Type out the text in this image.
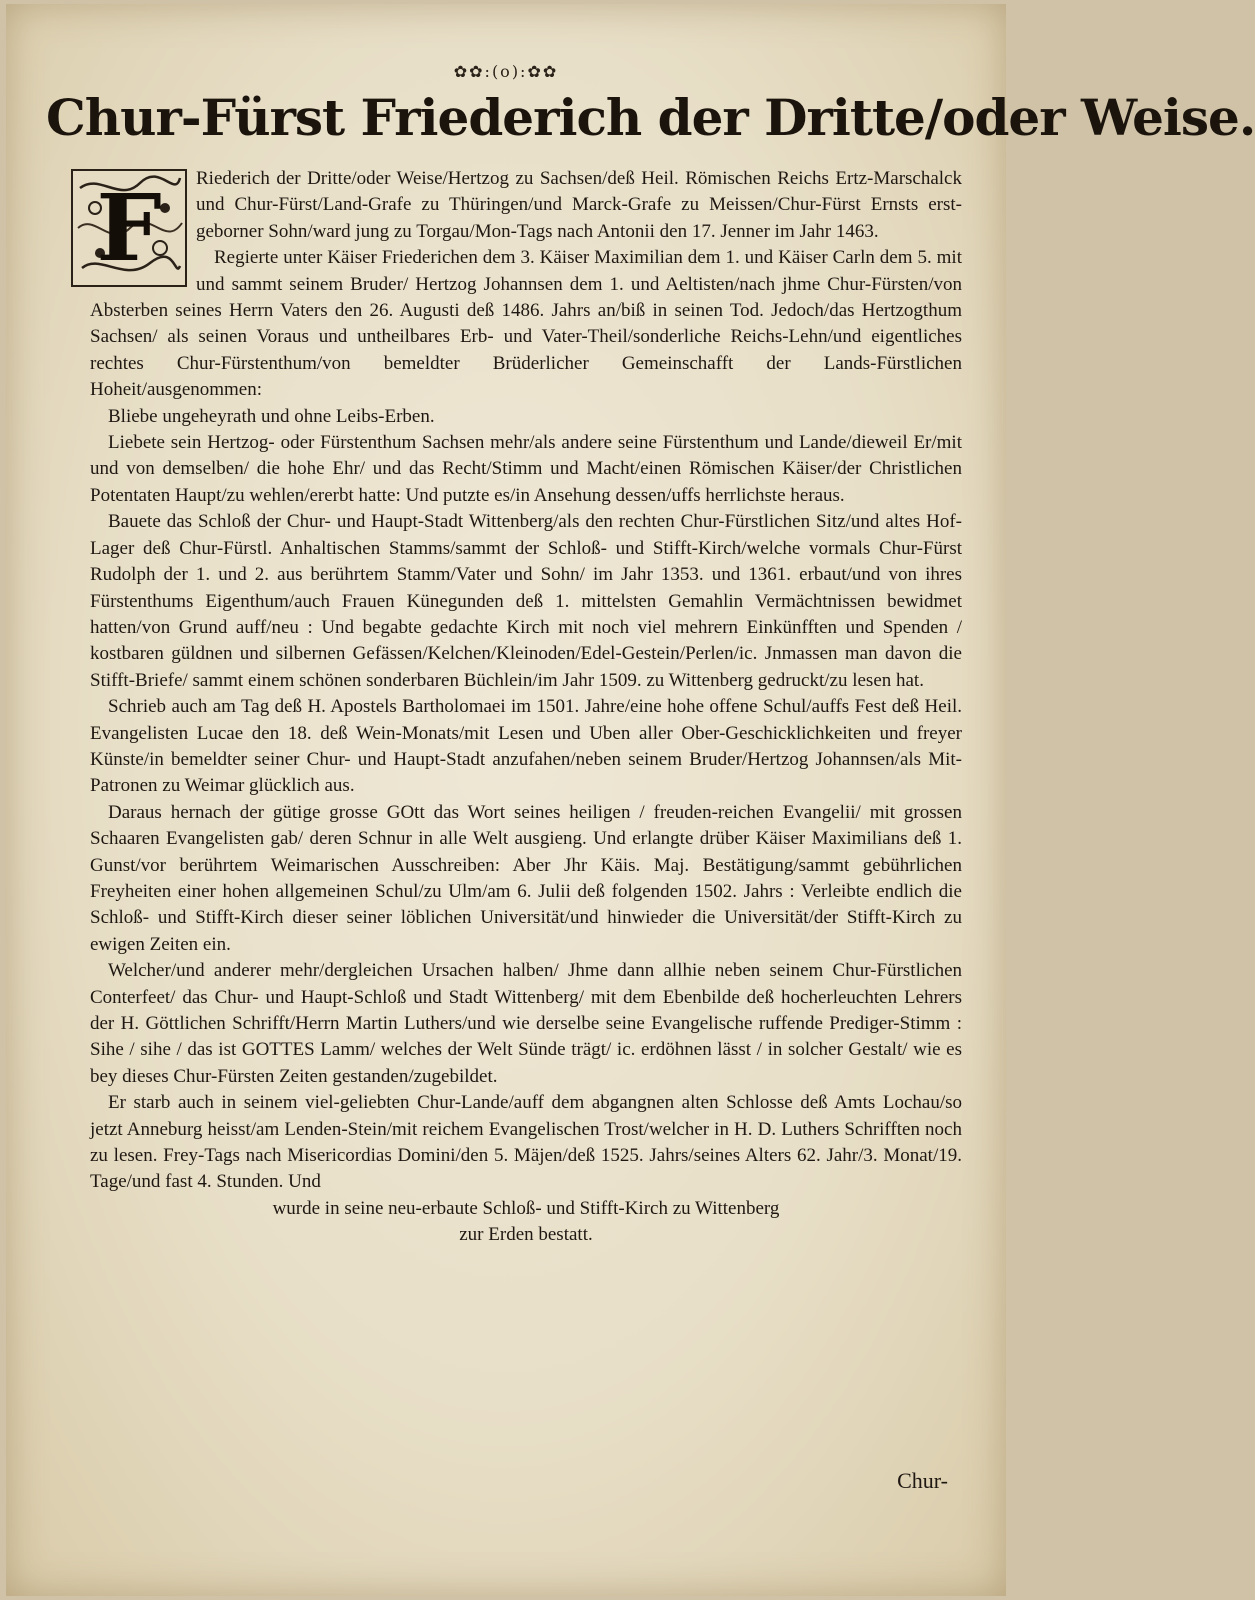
✿✿:(o):✿✿
Chur-Fürst Friederich der Dritte/oder Weise.

F Riederich der Dritte/oder Weise/Hertzog zu Sachsen/deß Heil. Römischen Reichs Ertz-Marschalck und Chur-Fürst/Land-Grafe zu Thüringen/und Marck-Grafe zu Meissen/Chur-Fürst Ernsts erst-geborner Sohn/ward jung zu Torgau/Mon-Tags nach Antonii den 17. Jenner im Jahr 1463.

Regierte unter Käiser Friederichen dem 3. Käiser Maximilian dem 1. und Käiser Carln dem 5. mit und sammt seinem Bruder/ Hertzog Johannsen dem 1. und Aeltisten/nach jhme Chur-Fürsten/von Absterben seines Herrn Vaters den 26. Augusti deß 1486. Jahrs an/biß in seinen Tod. Jedoch/das Hertzogthum Sachsen/ als seinen Voraus und untheilbares Erb- und Vater-Theil/sonderliche Reichs-Lehn/und eigentliches rechtes Chur-Fürstenthum/von bemeldter Brüderlicher Gemeinschafft der Lands-Fürstlichen Hoheit/ausgenommen:

Bliebe ungeheyrath und ohne Leibs-Erben.

Liebete sein Hertzog- oder Fürstenthum Sachsen mehr/als andere seine Fürstenthum und Lande/dieweil Er/mit und von demselben/ die hohe Ehr/ und das Recht/Stimm und Macht/einen Römischen Käiser/der Christlichen Potentaten Haupt/zu wehlen/ererbt hatte: Und putzte es/in Ansehung dessen/uffs herrlichste heraus.

Bauete das Schloß der Chur- und Haupt-Stadt Wittenberg/als den rechten Chur-Fürstlichen Sitz/und altes Hof-Lager deß Chur-Fürstl. Anhaltischen Stamms/sammt der Schloß- und Stifft-Kirch/welche vormals Chur-Fürst Rudolph der 1. und 2. aus berührtem Stamm/Vater und Sohn/ im Jahr 1353. und 1361. erbaut/und von ihres Fürstenthums Eigenthum/auch Frauen Künegunden deß 1. mittelsten Gemahlin Vermächtnissen bewidmet hatten/von Grund auff/neu : Und begabte gedachte Kirch mit noch viel mehrern Einkünfften und Spenden / kostbaren güldnen und silbernen Gefässen/Kelchen/Kleinoden/Edel-Gestein/Perlen/ic. Jnmassen man davon die Stifft-Briefe/ sammt einem schönen sonderbaren Büchlein/im Jahr 1509. zu Wittenberg gedruckt/zu lesen hat.

Schrieb auch am Tag deß H. Apostels Bartholomaei im 1501. Jahre/eine hohe offene Schul/auffs Fest deß Heil. Evangelisten Lucae den 18. deß Wein-Monats/mit Lesen und Uben aller Ober-Geschicklichkeiten und freyer Künste/in bemeldter seiner Chur- und Haupt-Stadt anzufahen/neben seinem Bruder/Hertzog Johannsen/als Mit-Patronen zu Weimar glücklich aus.

Daraus hernach der gütige grosse GOtt das Wort seines heiligen / freuden-reichen Evangelii/ mit grossen Schaaren Evangelisten gab/ deren Schnur in alle Welt ausgieng. Und erlangte drüber Käiser Maximilians deß 1. Gunst/vor berührtem Weimarischen Ausschreiben: Aber Jhr Käis. Maj. Bestätigung/sammt gebührlichen Freyheiten einer hohen allgemeinen Schul/zu Ulm/am 6. Julii deß folgenden 1502. Jahrs : Verleibte endlich die Schloß- und Stifft-Kirch dieser seiner löblichen Universität/und hinwieder die Universität/der Stifft-Kirch zu ewigen Zeiten ein.

Welcher/und anderer mehr/dergleichen Ursachen halben/ Jhme dann allhie neben seinem Chur-Fürstlichen Conterfeet/ das Chur- und Haupt-Schloß und Stadt Wittenberg/ mit dem Ebenbilde deß hocherleuchten Lehrers der H. Göttlichen Schrifft/Herrn Martin Luthers/und wie derselbe seine Evangelische ruffende Prediger-Stimm : Sihe / sihe / das ist GOTTES Lamm/ welches der Welt Sünde trägt/ ic. erdöhnen lässt / in solcher Gestalt/ wie es bey dieses Chur-Fürsten Zeiten gestanden/zugebildet.

Er starb auch in seinem viel-geliebten Chur-Lande/auff dem abgangnen alten Schlosse deß Amts Lochau/so jetzt Anneburg heisst/am Lenden-Stein/mit reichem Evangelischen Trost/welcher in H. D. Luthers Schrifften noch zu lesen. Frey-Tags nach Misericordias Domini/den 5. Mäjen/deß 1525. Jahrs/seines Alters 62. Jahr/3. Monat/19. Tage/und fast 4. Stunden. Und

wurde in seine neu-erbaute Schloß- und Stifft-Kirch zu Wittenberg
zur Erden bestatt.
Chur-
